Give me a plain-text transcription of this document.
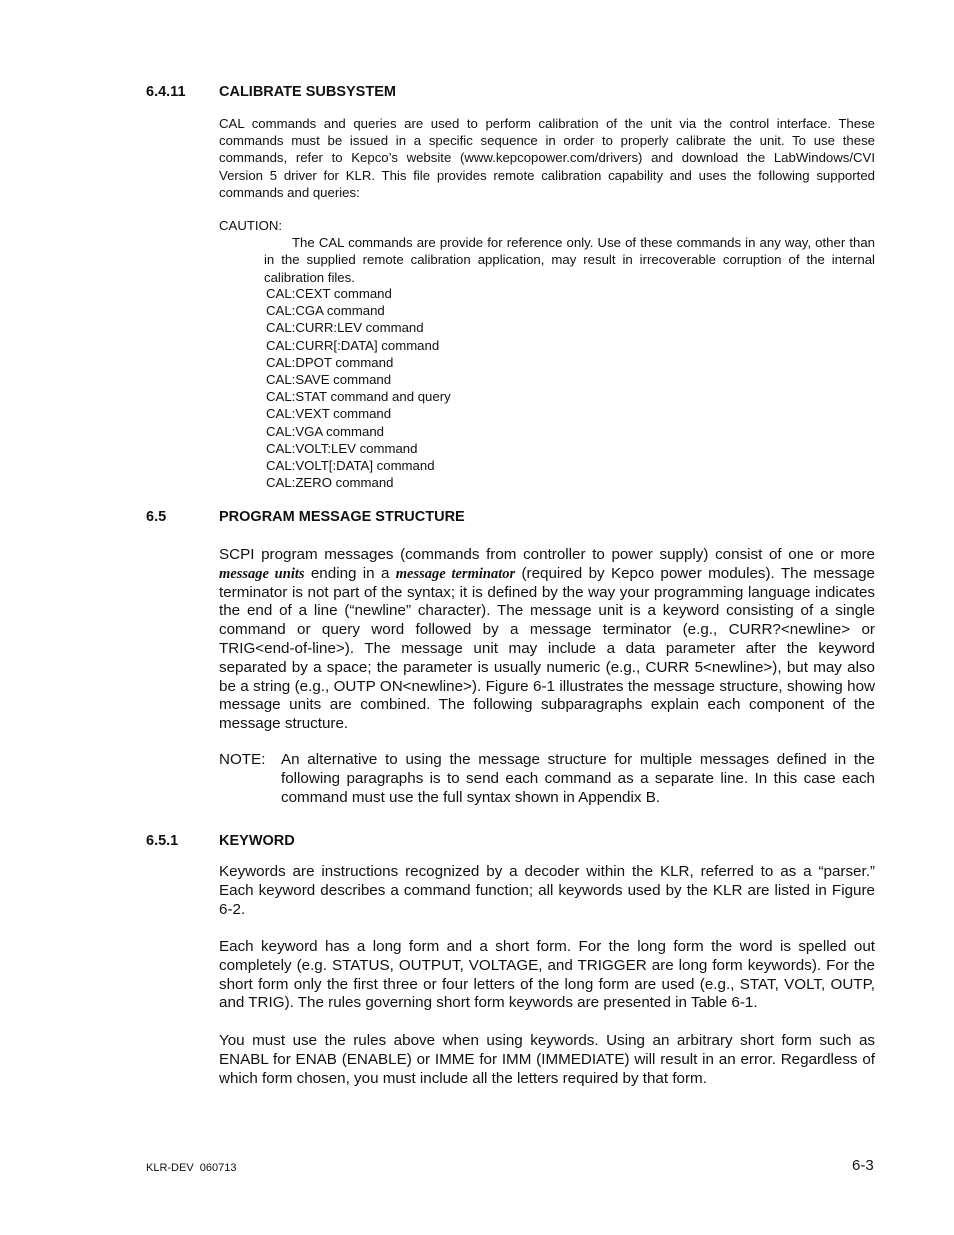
6.4.11 CALIBRATE SUBSYSTEM
CAL commands and queries are used to perform calibration of the unit via the control interface. These commands must be issued in a specific sequence in order to properly calibrate the unit. To use these commands, refer to Kepco’s website (www.kepcopower.com/drivers) and download the LabWindows/CVI Version 5 driver for KLR. This file provides remote calibration capability and uses the following supported commands and queries:
CAUTION:
The CAL commands are provide for reference only. Use of these commands in any way, other than in the supplied remote calibration application, may result in irrecoverable corruption of the internal calibration files.
CAL:CEXT command
CAL:CGA command
CAL:CURR:LEV command
CAL:CURR[:DATA] command
CAL:DPOT command
CAL:SAVE command
CAL:STAT command and query
CAL:VEXT command
CAL:VGA command
CAL:VOLT:LEV command
CAL:VOLT[:DATA] command
CAL:ZERO command
6.5	PROGRAM MESSAGE STRUCTURE
SCPI program messages (commands from controller to power supply) consist of one or more message units ending in a message terminator (required by Kepco power modules). The message terminator is not part of the syntax; it is defined by the way your programming language indicates the end of a line (“newline” character). The message unit is a keyword consisting of a single command or query word followed by a message terminator (e.g., CURR?<newline> or TRIG<end-of-line>). The message unit may include a data parameter after the keyword separated by a space; the parameter is usually numeric (e.g., CURR 5<newline>), but may also be a string (e.g., OUTP ON<newline>). Figure 6-1 illustrates the message structure, showing how message units are combined. The following subparagraphs explain each component of the message structure.
NOTE: An alternative to using the message structure for multiple messages defined in the following paragraphs is to send each command as a separate line. In this case each command must use the full syntax shown in Appendix B.
6.5.1	KEYWORD
Keywords are instructions recognized by a decoder within the KLR, referred to as a “parser.” Each keyword describes a command function; all keywords used by the KLR are listed in Figure 6-2.
Each keyword has a long form and a short form. For the long form the word is spelled out completely (e.g. STATUS, OUTPUT, VOLTAGE, and TRIGGER are long form keywords). For the short form only the first three or four letters of the long form are used (e.g., STAT, VOLT, OUTP, and TRIG). The rules governing short form keywords are presented in Table 6-1.
You must use the rules above when using keywords. Using an arbitrary short form such as ENABL for ENAB (ENABLE) or IMME for IMM (IMMEDIATE) will result in an error. Regardless of which form chosen, you must include all the letters required by that form.
KLR-DEV  060713	6-3
